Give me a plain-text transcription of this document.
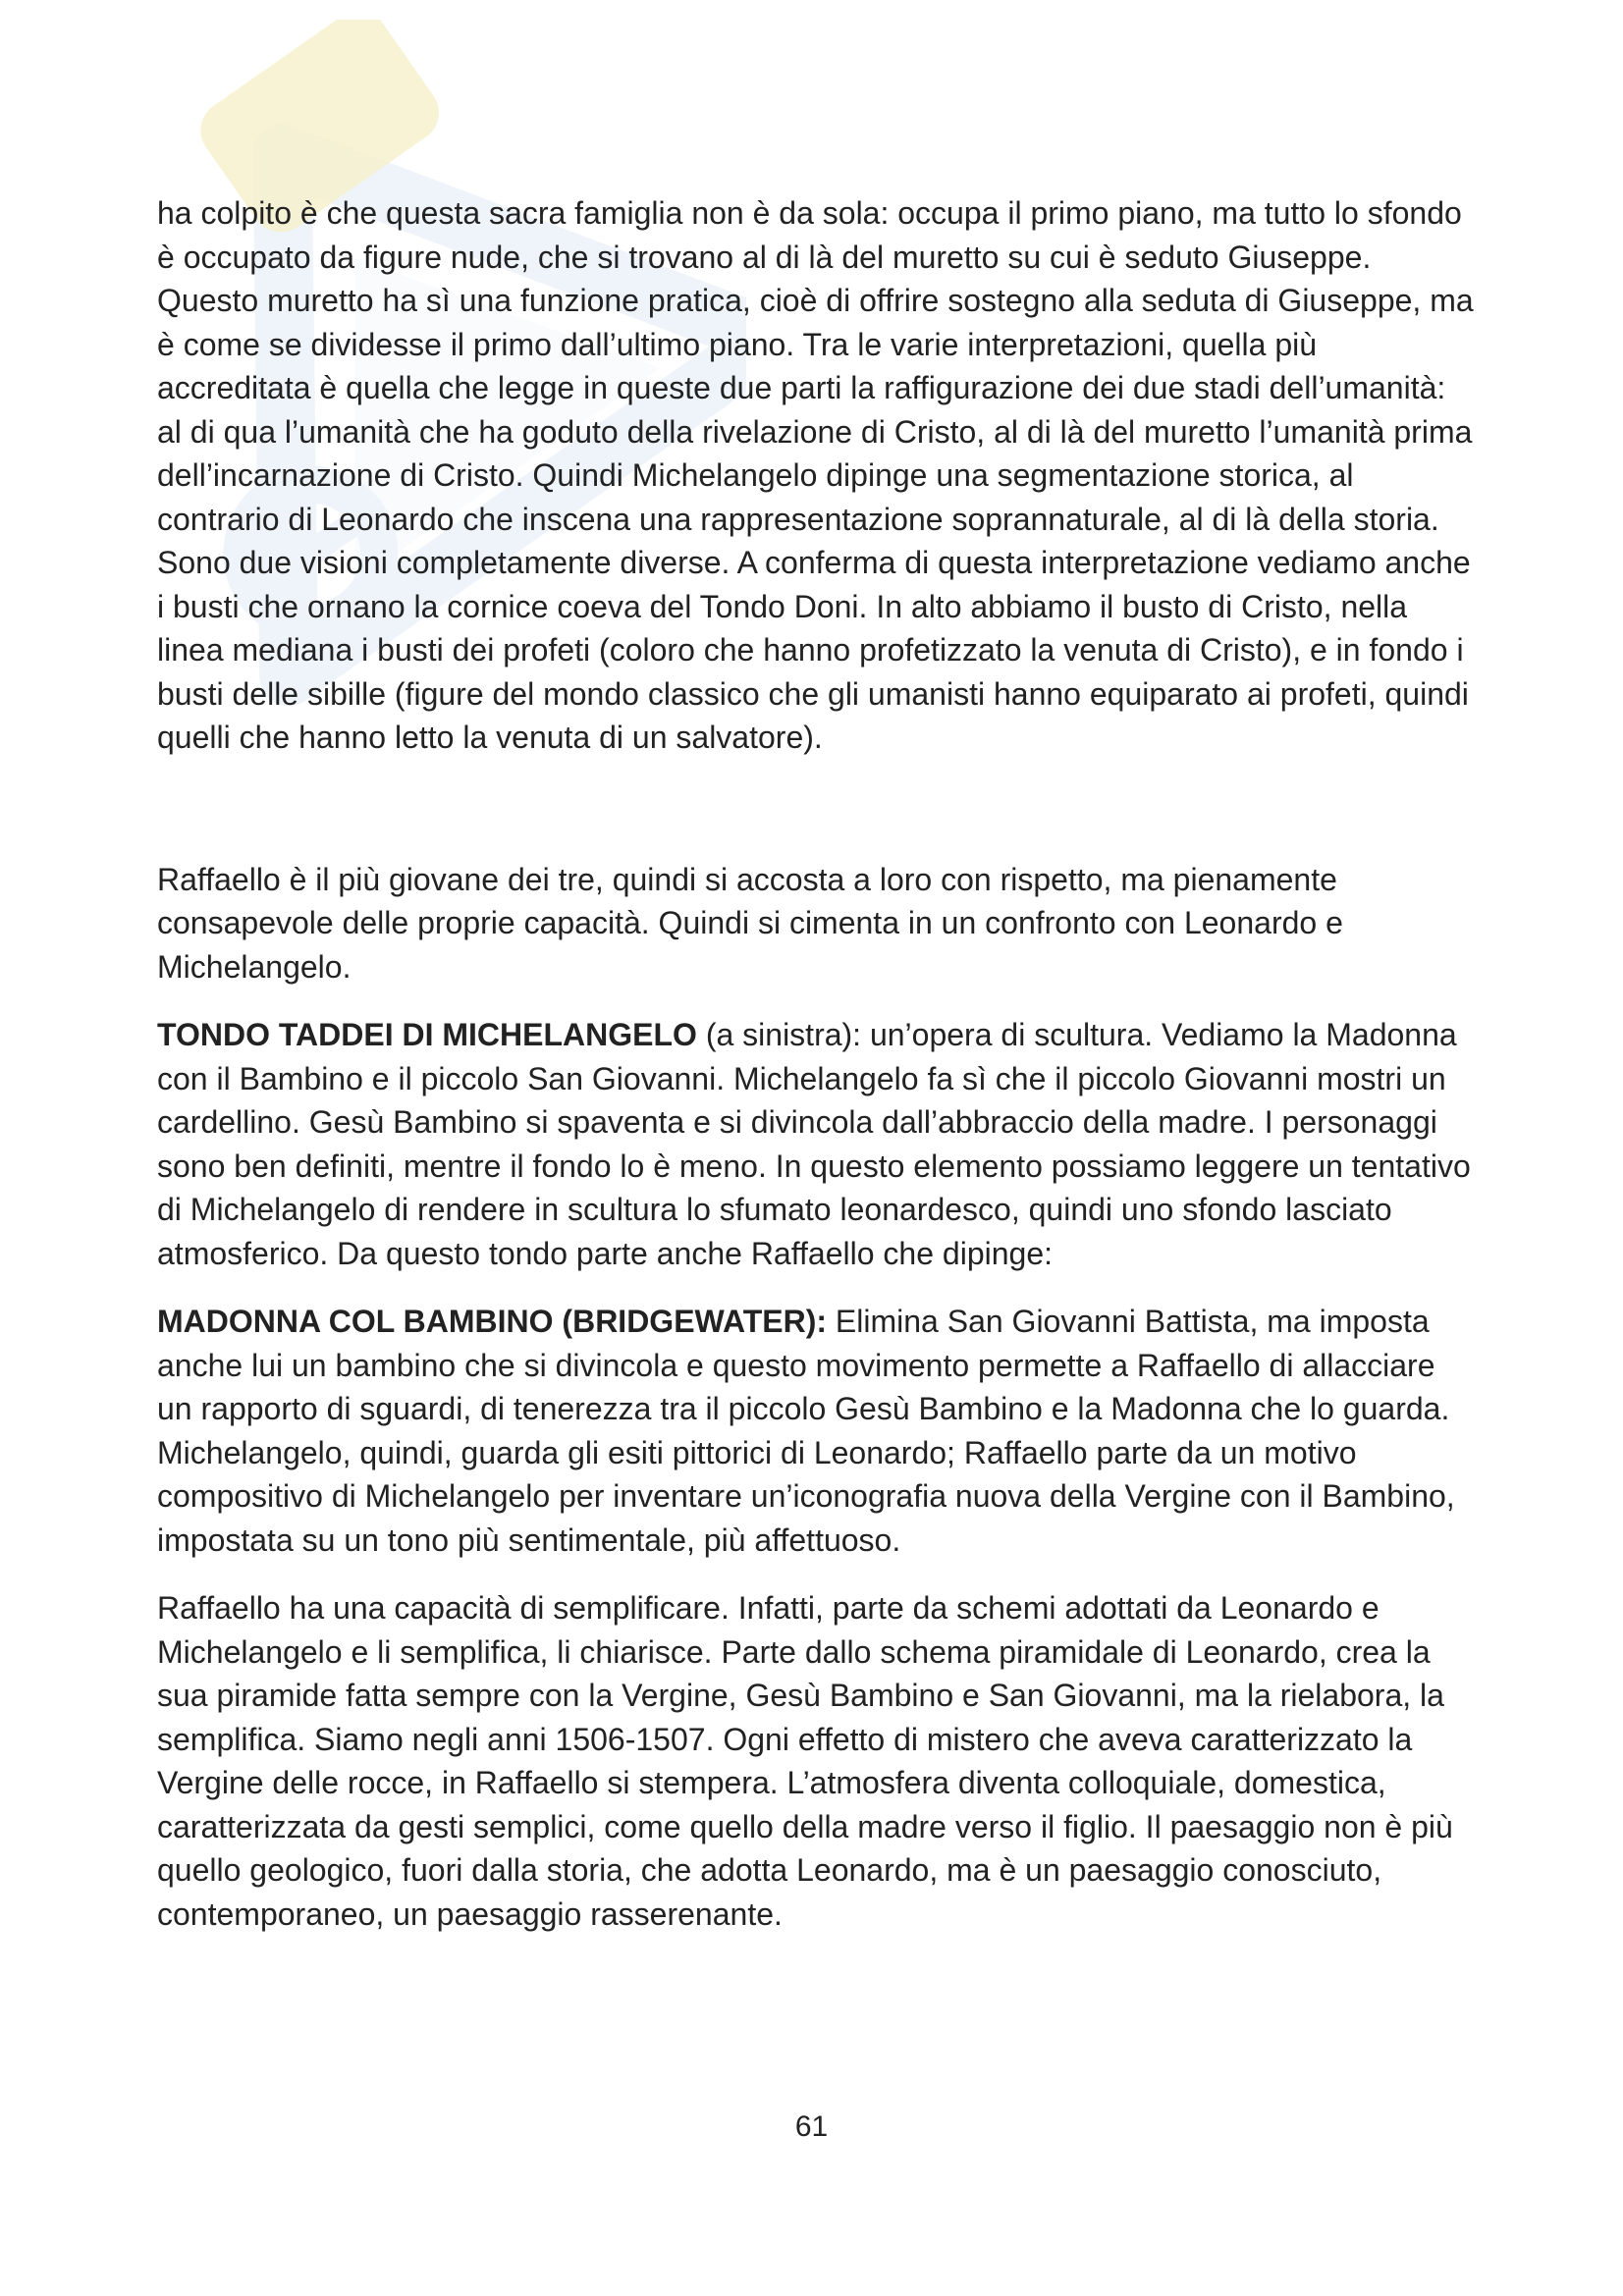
ha colpito è che questa sacra famiglia non è da sola: occupa il primo piano, ma tutto lo sfondo è occupato da figure nude, che si trovano al di là del muretto su cui è seduto Giuseppe. Questo muretto ha sì una funzione pratica, cioè di offrire sostegno alla seduta di Giuseppe, ma è come se dividesse il primo dall’ultimo piano. Tra le varie interpretazioni, quella più accreditata è quella che legge in queste due parti la raffigurazione dei due stadi dell’umanità: al di qua l’umanità che ha goduto della rivelazione di Cristo, al di là del muretto l’umanità prima dell’incarnazione di Cristo. Quindi Michelangelo dipinge una segmentazione storica, al contrario di Leonardo che inscena una rappresentazione soprannaturale, al di là della storia. Sono due visioni completamente diverse. A conferma di questa interpretazione vediamo anche i busti che ornano la cornice coeva del Tondo Doni. In alto abbiamo il busto di Cristo, nella linea mediana i busti dei profeti (coloro che hanno profetizzato la venuta di Cristo), e in fondo i busti delle sibille (figure del mondo classico che gli umanisti hanno equiparato ai profeti, quindi quelli che hanno letto la venuta di un salvatore).

Raffaello è il più giovane dei tre, quindi si accosta a loro con rispetto, ma pienamente consapevole delle proprie capacità. Quindi si cimenta in un confronto con Leonardo e Michelangelo.

TONDO TADDEI DI MICHELANGELO (a sinistra): un’opera di scultura. Vediamo la Madonna con il Bambino e il piccolo San Giovanni. Michelangelo fa sì che il piccolo Giovanni mostri un cardellino. Gesù Bambino si spaventa e si divincola dall’abbraccio della madre. I personaggi sono ben definiti, mentre il fondo lo è meno. In questo elemento possiamo leggere un tentativo di Michelangelo di rendere in scultura lo sfumato leonardesco, quindi uno sfondo lasciato atmosferico. Da questo tondo parte anche Raffaello che dipinge:

MADONNA COL BAMBINO (BRIDGEWATER): Elimina San Giovanni Battista, ma imposta anche lui un bambino che si divincola e questo movimento permette a Raffaello di allacciare un rapporto di sguardi, di tenerezza tra il piccolo Gesù Bambino e la Madonna che lo guarda. Michelangelo, quindi, guarda gli esiti pittorici di Leonardo; Raffaello parte da un motivo compositivo di Michelangelo per inventare un’iconografia nuova della Vergine con il Bambino, impostata su un tono più sentimentale, più affettuoso.

Raffaello ha una capacità di semplificare. Infatti, parte da schemi adottati da Leonardo e Michelangelo e li semplifica, li chiarisce. Parte dallo schema piramidale di Leonardo, crea la sua piramide fatta sempre con la Vergine, Gesù Bambino e San Giovanni, ma la rielabora, la semplifica. Siamo negli anni 1506-1507. Ogni effetto di mistero che aveva caratterizzato la Vergine delle rocce, in Raffaello si stempera. L’atmosfera diventa colloquiale, domestica, caratterizzata da gesti semplici, come quello della madre verso il figlio. Il paesaggio non è più quello geologico, fuori dalla storia, che adotta Leonardo, ma è un paesaggio conosciuto, contemporaneo, un paesaggio rasserenante.

61
